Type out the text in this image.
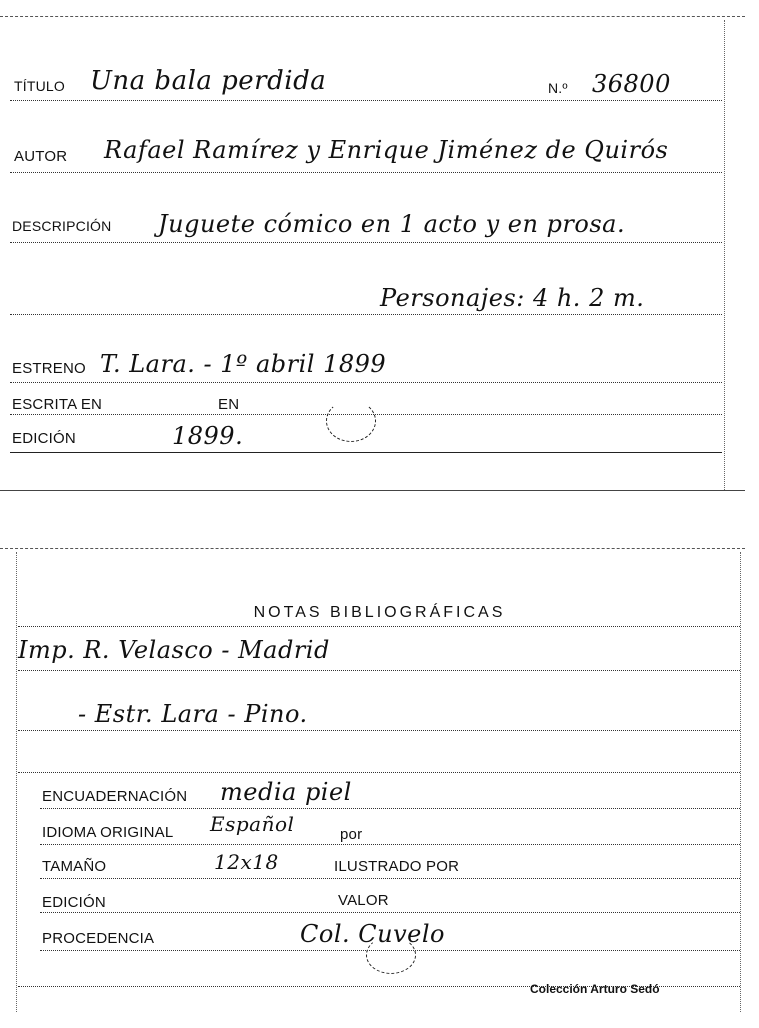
TÍTULO Una bala perdida	N.º 36800
AUTOR Rafael Ramírez y Enrique Jiménez de Quirós
DESCRIPCIÓN Juguete cómico en 1 acto y en prosa.
Personajes: 4 h. 2 m.
ESTRENO T. Lara. - 1º abril 1899
ESCRITA EN	EN
EDICIÓN	1899.
NOTAS BIBLIOGRÁFICAS
Imp. R. Velasco - Madrid
- Estr. Lara - Pino.
ENCUADERNACIÓN media piel
IDIOMA ORIGINAL Español	por
TAMAÑO	12x18	ILUSTRADO POR
EDICIÓN	VALOR
PROCEDENCIA	Col. Cuvelo
Colección Arturo Sedó
